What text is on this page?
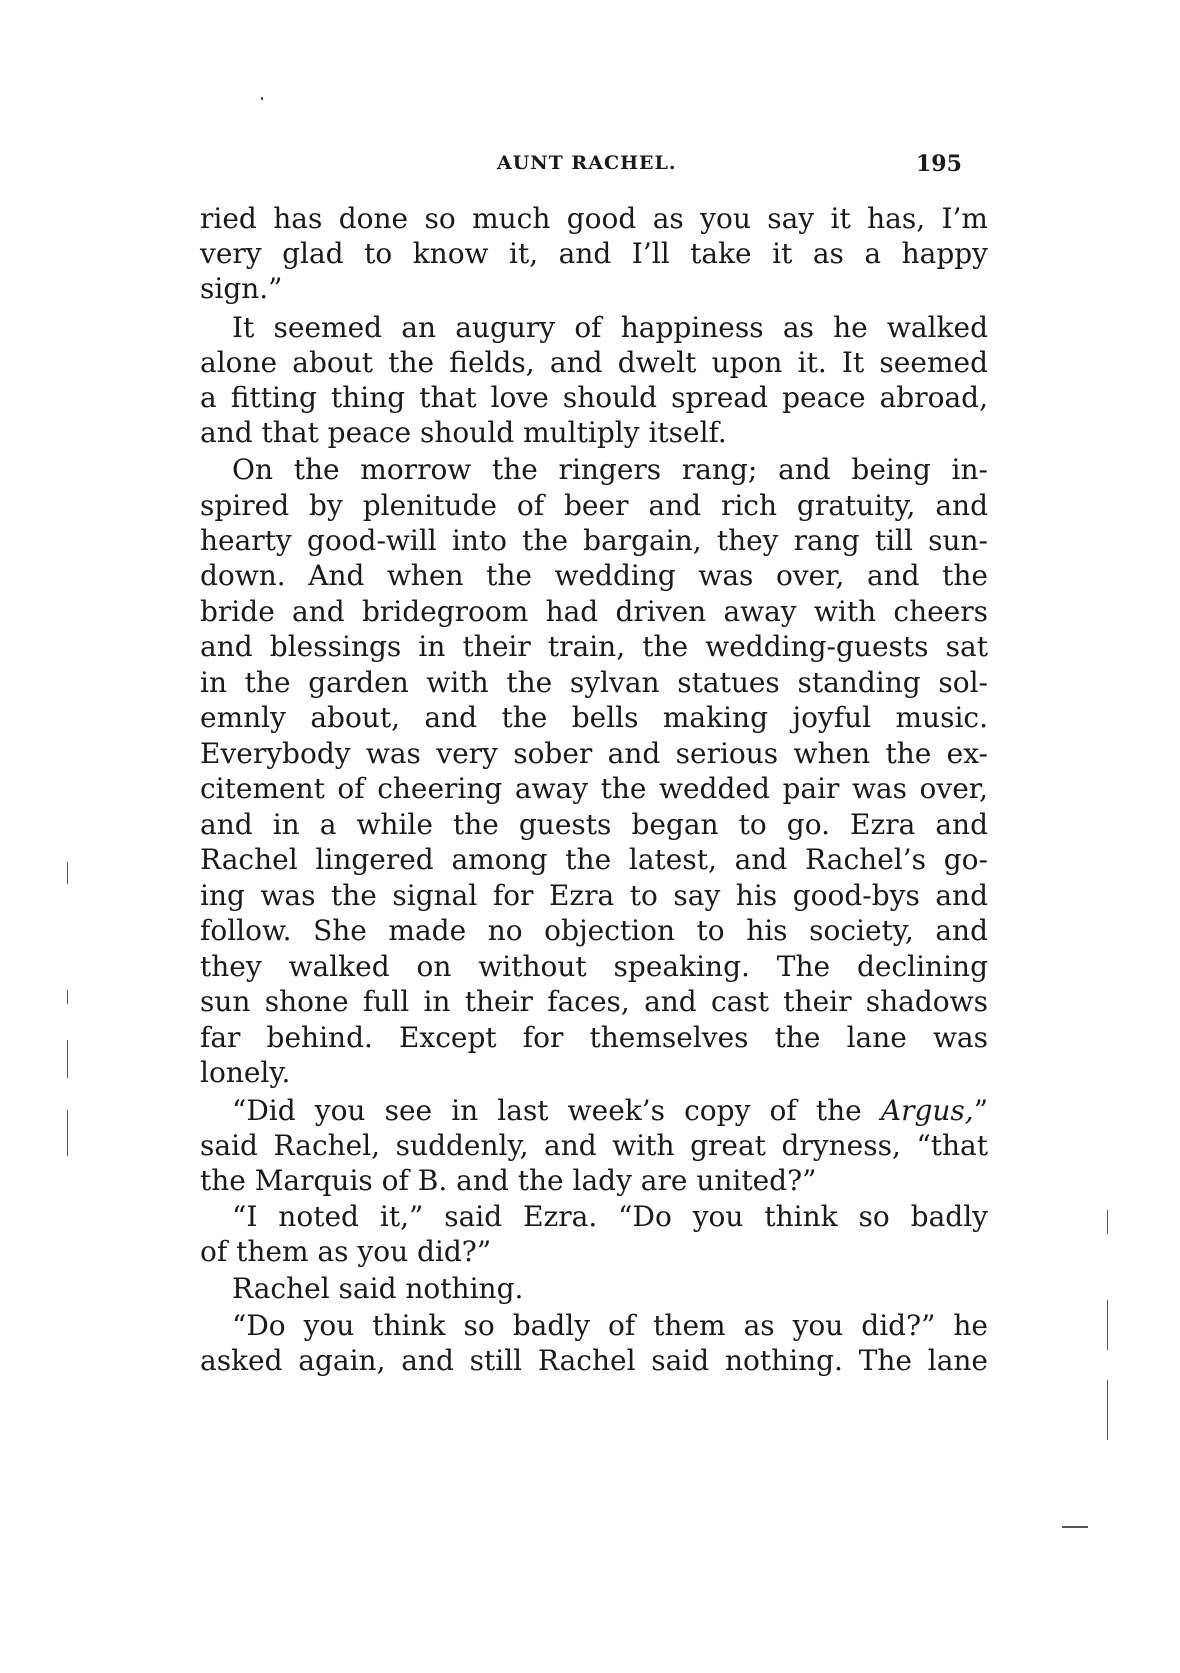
AUNT RACHEL.	195
ried has done so much good as you say it has, I’m
very glad to know it, and I’ll take it as a happy
sign.”
It seemed an augury of happiness as he walked
alone about the fields, and dwelt upon it. It seemed
a fitting thing that love should spread peace abroad,
and that peace should multiply itself.
On the morrow the ringers rang; and being in-
spired by plenitude of beer and rich gratuity, and
hearty good-will into the bargain, they rang till sun-
down. And when the wedding was over, and the
bride and bridegroom had driven away with cheers
and blessings in their train, the wedding-guests sat
in the garden with the sylvan statues standing sol-
emnly about, and the bells making joyful music.
Everybody was very sober and serious when the ex-
citement of cheering away the wedded pair was over,
and in a while the guests began to go. Ezra and
Rachel lingered among the latest, and Rachel’s go-
ing was the signal for Ezra to say his good-bys and
follow. She made no objection to his society, and
they walked on without speaking. The declining
sun shone full in their faces, and cast their shadows
far behind. Except for themselves the lane was
lonely.
“Did you see in last week’s copy of the Argus,”
said Rachel, suddenly, and with great dryness, “that
the Marquis of B. and the lady are united?”
“I noted it,” said Ezra. “Do you think so badly
of them as you did?”
Rachel said nothing.
“Do you think so badly of them as you did?” he
asked again, and still Rachel said nothing. The lane
